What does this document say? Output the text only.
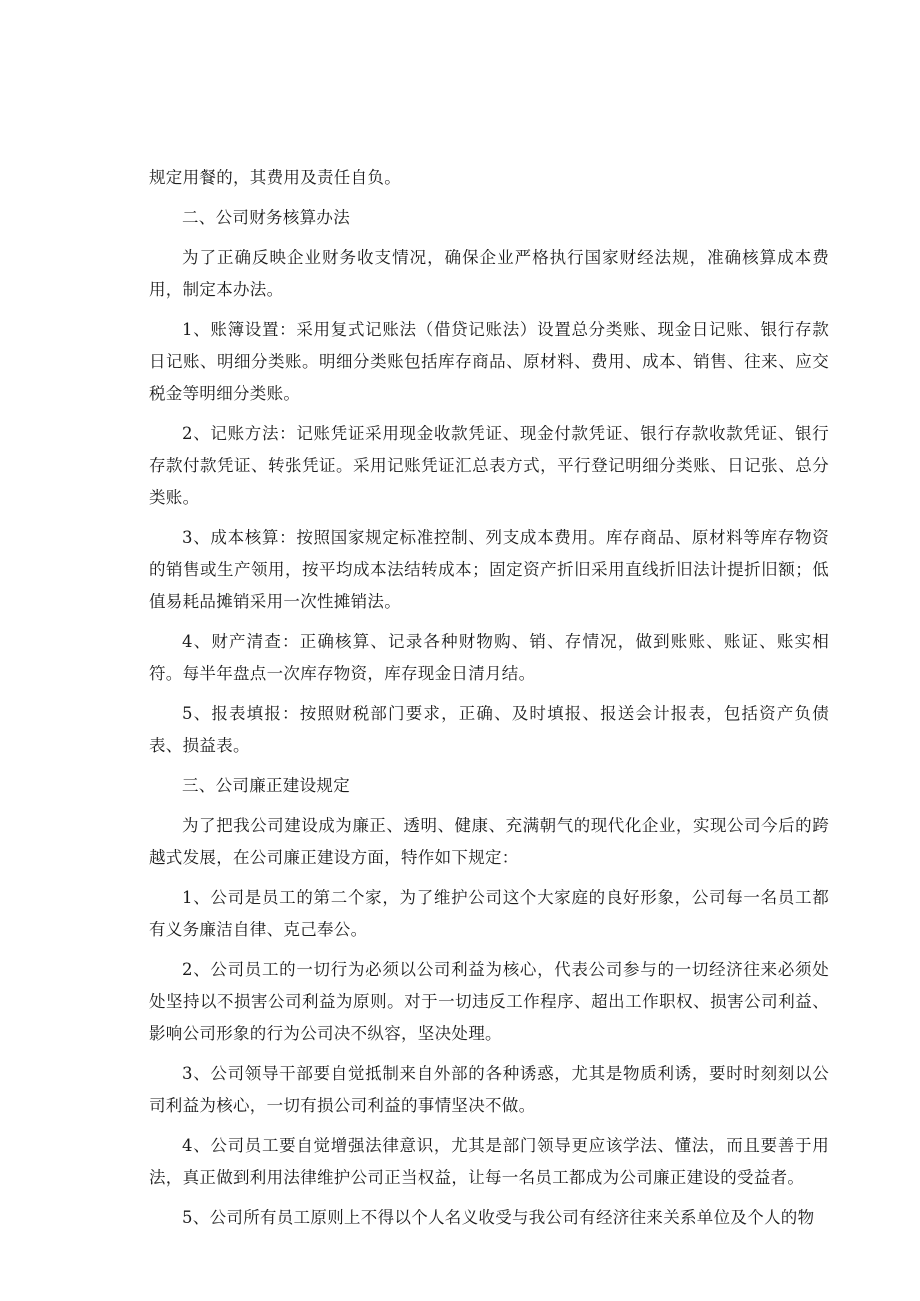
规定用餐的，其费用及责任自负。

二、公司财务核算办法

为了正确反映企业财务收支情况，确保企业严格执行国家财经法规，准确核算成本费用，制定本办法。

1、账簿设置：采用复式记账法（借贷记账法）设置总分类账、现金日记账、银行存款日记账、明细分类账。明细分类账包括库存商品、原材料、费用、成本、销售、往来、应交税金等明细分类账。

2、记账方法：记账凭证采用现金收款凭证、现金付款凭证、银行存款收款凭证、银行存款付款凭证、转张凭证。采用记账凭证汇总表方式，平行登记明细分类账、日记张、总分类账。

3、成本核算：按照国家规定标准控制、列支成本费用。库存商品、原材料等库存物资的销售或生产领用，按平均成本法结转成本；固定资产折旧采用直线折旧法计提折旧额；低值易耗品摊销采用一次性摊销法。

4、财产清查：正确核算、记录各种财物购、销、存情况，做到账账、账证、账实相符。每半年盘点一次库存物资，库存现金日清月结。

5、报表填报：按照财税部门要求，正确、及时填报、报送会计报表，包括资产负债表、损益表。

三、公司廉正建设规定

为了把我公司建设成为廉正、透明、健康、充满朝气的现代化企业，实现公司今后的跨越式发展，在公司廉正建设方面，特作如下规定：

1、公司是员工的第二个家，为了维护公司这个大家庭的良好形象，公司每一名员工都有义务廉洁自律、克己奉公。

2、公司员工的一切行为必须以公司利益为核心，代表公司参与的一切经济往来必须处处坚持以不损害公司利益为原则。对于一切违反工作程序、超出工作职权、损害公司利益、影响公司形象的行为公司决不纵容，坚决处理。

3、公司领导干部要自觉抵制来自外部的各种诱惑，尤其是物质利诱，要时时刻刻以公司利益为核心，一切有损公司利益的事情坚决不做。

4、公司员工要自觉增强法律意识，尤其是部门领导更应该学法、懂法，而且要善于用法，真正做到利用法律维护公司正当权益，让每一名员工都成为公司廉正建设的受益者。

5、公司所有员工原则上不得以个人名义收受与我公司有经济往来关系单位及个人的物
